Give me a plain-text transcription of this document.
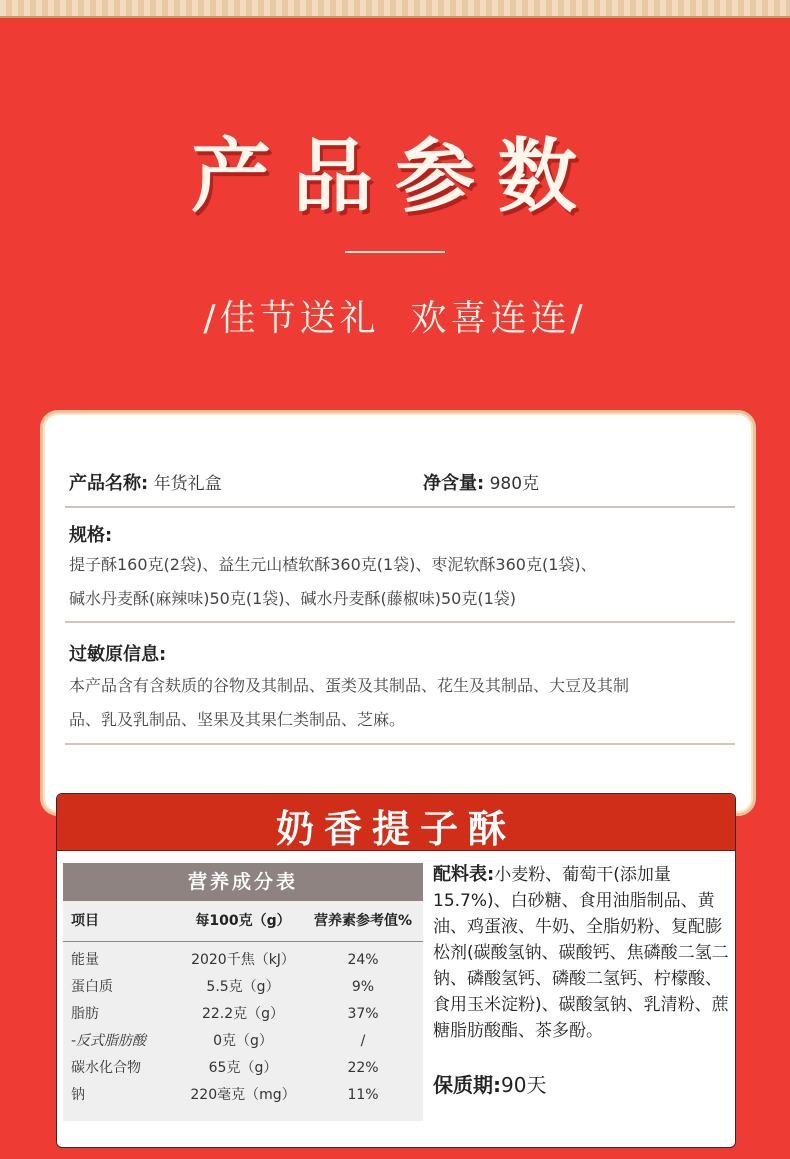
产品参数
/佳节送礼  欢喜连连/
产品名称: 年货礼盒	净含量: 980克
规格:
提子酥160克(2袋)、益生元山楂软酥360克(1袋)、枣泥软酥360克(1袋)、
碱水丹麦酥(麻辣味)50克(1袋)、碱水丹麦酥(藤椒味)50克(1袋)
过敏原信息:
本产品含有含麸质的谷物及其制品、蛋类及其制品、花生及其制品、大豆及其制
品、乳及乳制品、坚果及其果仁类制品、芝麻。
奶香提子酥
营养成分表
项目	每100克（g）	营养素参考值%
能量	2020千焦（kJ）	24%
蛋白质	5.5克（g）	9%
脂肪	22.2克（g）	37%
-反式脂肪酸	0克（g）	/
碳水化合物	65克（g）	22%
钠	220毫克（mg）	11%
配料表:小麦粉、葡萄干(添加量15.7%)、白砂糖、食用油脂制品、黄油、鸡蛋液、牛奶、全脂奶粉、复配膨松剂(碳酸氢钠、碳酸钙、焦磷酸二氢二钠、磷酸氢钙、磷酸二氢钙、柠檬酸、食用玉米淀粉)、碳酸氢钠、乳清粉、蔗糖脂肪酸酯、茶多酚。
保质期:90天
